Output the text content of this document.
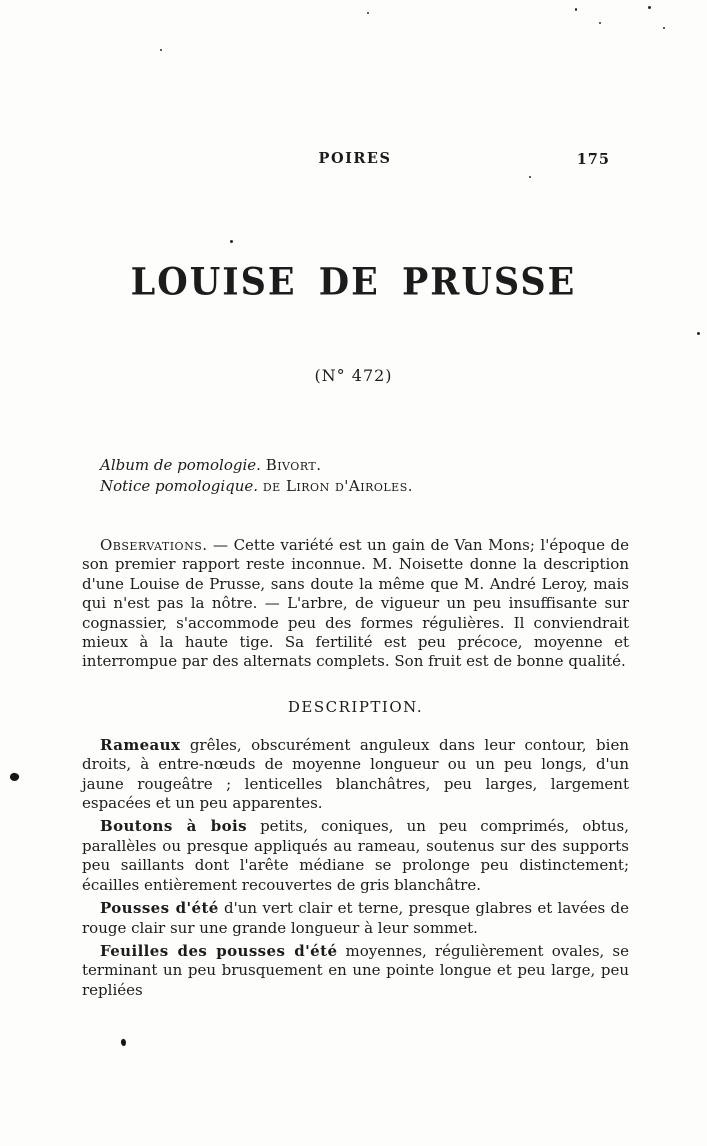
POIRES	175
LOUISE DE PRUSSE
(N° 472)
Album de pomologie. Bivort.
Notice pomologique. de Liron d'Airoles.

Observations. — Cette variété est un gain de Van Mons; l'époque de son premier rapport reste inconnue. M. Noisette donne la description d'une Louise de Prusse, sans doute la même que M. André Leroy, mais qui n'est pas la nôtre. — L'arbre, de vigueur un peu insuffisante sur cognassier, s'accommode peu des formes régulières. Il conviendrait mieux à la haute tige. Sa fertilité est peu précoce, moyenne et interrompue par des alternats complets. Son fruit est de bonne qualité.

DESCRIPTION.

Rameaux grêles, obscurément anguleux dans leur contour, bien droits, à entre-nœuds de moyenne longueur ou un peu longs, d'un jaune rougeâtre ; lenticelles blanchâtres, peu larges, largement espacées et un peu apparentes.

Boutons à bois petits, coniques, un peu comprimés, obtus, parallèles ou presque appliqués au rameau, soutenus sur des supports peu saillants dont l'arête médiane se prolonge peu distinctement; écailles entièrement recouvertes de gris blanchâtre.

Pousses d'été d'un vert clair et terne, presque glabres et lavées de rouge clair sur une grande longueur à leur sommet.

Feuilles des pousses d'été moyennes, régulièrement ovales, se terminant un peu brusquement en une pointe longue et peu large, peu repliées
